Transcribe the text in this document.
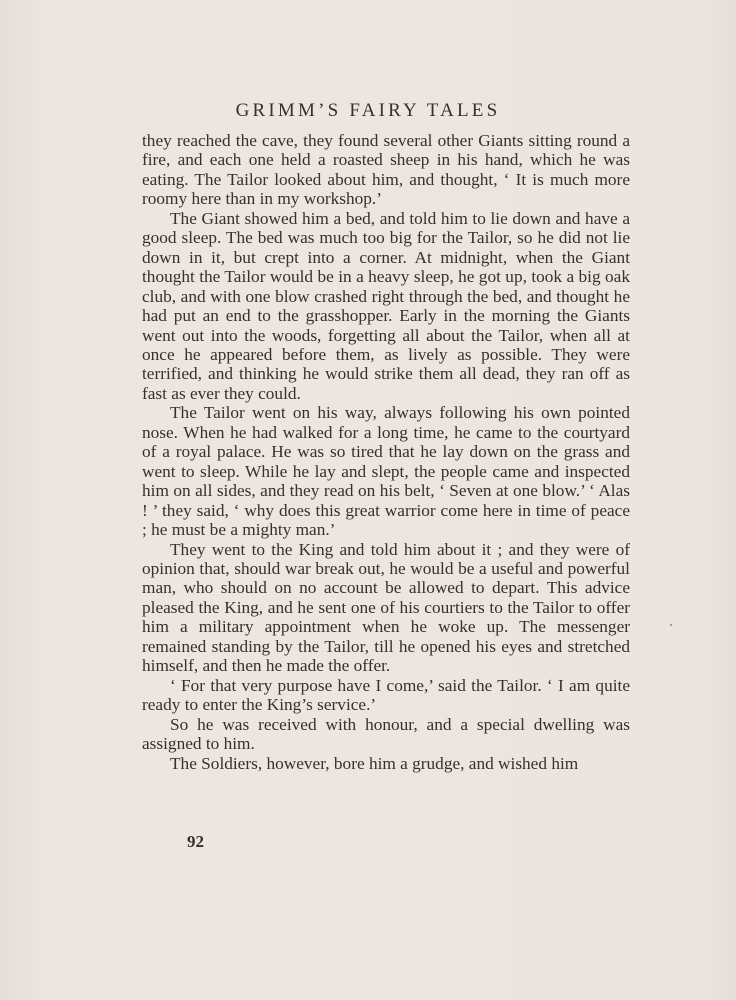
GRIMM’S FAIRY TALES

they reached the cave, they found several other Giants sitting round a fire, and each one held a roasted sheep in his hand, which he was eating. The Tailor looked about him, and thought, ‘ It is much more roomy here than in my workshop.’

The Giant showed him a bed, and told him to lie down and have a good sleep. The bed was much too big for the Tailor, so he did not lie down in it, but crept into a corner. At midnight, when the Giant thought the Tailor would be in a heavy sleep, he got up, took a big oak club, and with one blow crashed right through the bed, and thought he had put an end to the grasshopper. Early in the morning the Giants went out into the woods, forgetting all about the Tailor, when all at once he appeared before them, as lively as possible. They were terrified, and thinking he would strike them all dead, they ran off as fast as ever they could.

The Tailor went on his way, always following his own pointed nose. When he had walked for a long time, he came to the courtyard of a royal palace. He was so tired that he lay down on the grass and went to sleep. While he lay and slept, the people came and inspected him on all sides, and they read on his belt, ‘ Seven at one blow.’ ‘ Alas ! ’ they said, ‘ why does this great warrior come here in time of peace ; he must be a mighty man.’

They went to the King and told him about it ; and they were of opinion that, should war break out, he would be a useful and powerful man, who should on no account be allowed to depart. This advice pleased the King, and he sent one of his courtiers to the Tailor to offer him a military appointment when he woke up. The messenger remained standing by the Tailor, till he opened his eyes and stretched himself, and then he made the offer.

‘ For that very purpose have I come,’ said the Tailor. ‘ I am quite ready to enter the King’s service.’

So he was received with honour, and a special dwelling was assigned to him.

The Soldiers, however, bore him a grudge, and wished him

92
